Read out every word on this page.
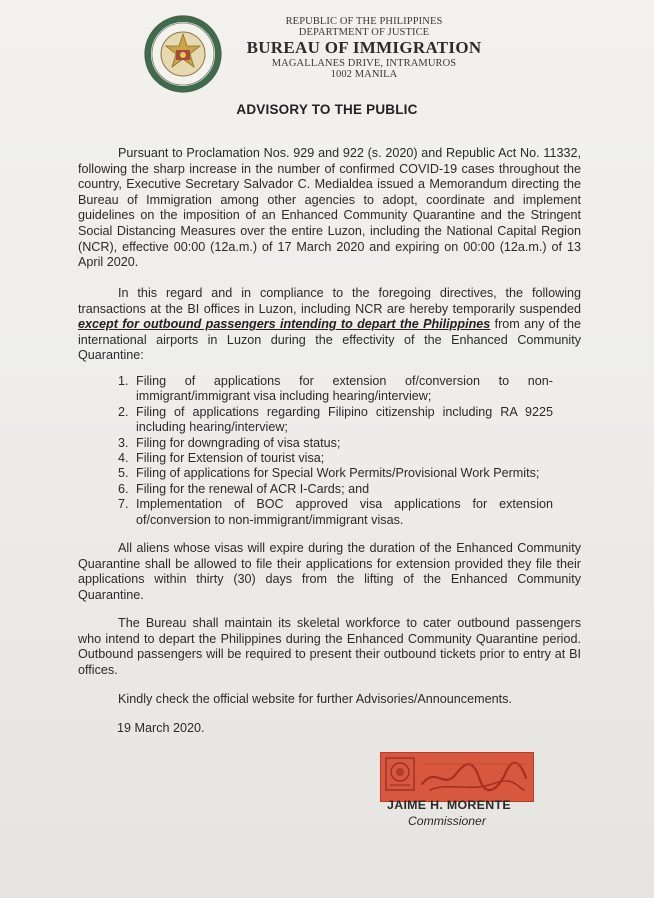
REPUBLIC OF THE PHILIPPINES
DEPARTMENT OF JUSTICE
BUREAU OF IMMIGRATION
MAGALLANES DRIVE, INTRAMUROS
1002 MANILA
ADVISORY TO THE PUBLIC

Pursuant to Proclamation Nos. 929 and 922 (s. 2020) and Republic Act No. 11332, following the sharp increase in the number of confirmed COVID-19 cases throughout the country, Executive Secretary Salvador C. Medialdea issued a Memorandum directing the Bureau of Immigration among other agencies to adopt, coordinate and implement guidelines on the imposition of an Enhanced Community Quarantine and the Stringent Social Distancing Measures over the entire Luzon, including the National Capital Region (NCR), effective 00:00 (12a.m.) of 17 March 2020 and expiring on 00:00 (12a.m.) of 13 April 2020.

In this regard and in compliance to the foregoing directives, the following transactions at the BI offices in Luzon, including NCR are hereby temporarily suspended except for outbound passengers intending to depart the Philippines from any of the international airports in Luzon during the effectivity of the Enhanced Community Quarantine:

1. Filing of applications for extension of/conversion to non-immigrant/immigrant visa including hearing/interview;
2. Filing of applications regarding Filipino citizenship including RA 9225 including hearing/interview;
3. Filing for downgrading of visa status;
4. Filing for Extension of tourist visa;
5. Filing of applications for Special Work Permits/Provisional Work Permits;
6. Filing for the renewal of ACR I-Cards; and
7. Implementation of BOC approved visa applications for extension of/conversion to non-immigrant/immigrant visas.

All aliens whose visas will expire during the duration of the Enhanced Community Quarantine shall be allowed to file their applications for extension provided they file their applications within thirty (30) days from the lifting of the Enhanced Community Quarantine.

The Bureau shall maintain its skeletal workforce to cater outbound passengers who intend to depart the Philippines during the Enhanced Community Quarantine period. Outbound passengers will be required to present their outbound tickets prior to entry at BI offices.

Kindly check the official website for further Advisories/Announcements.

19 March 2020.
JAIME H. MORENTE
Commissioner
